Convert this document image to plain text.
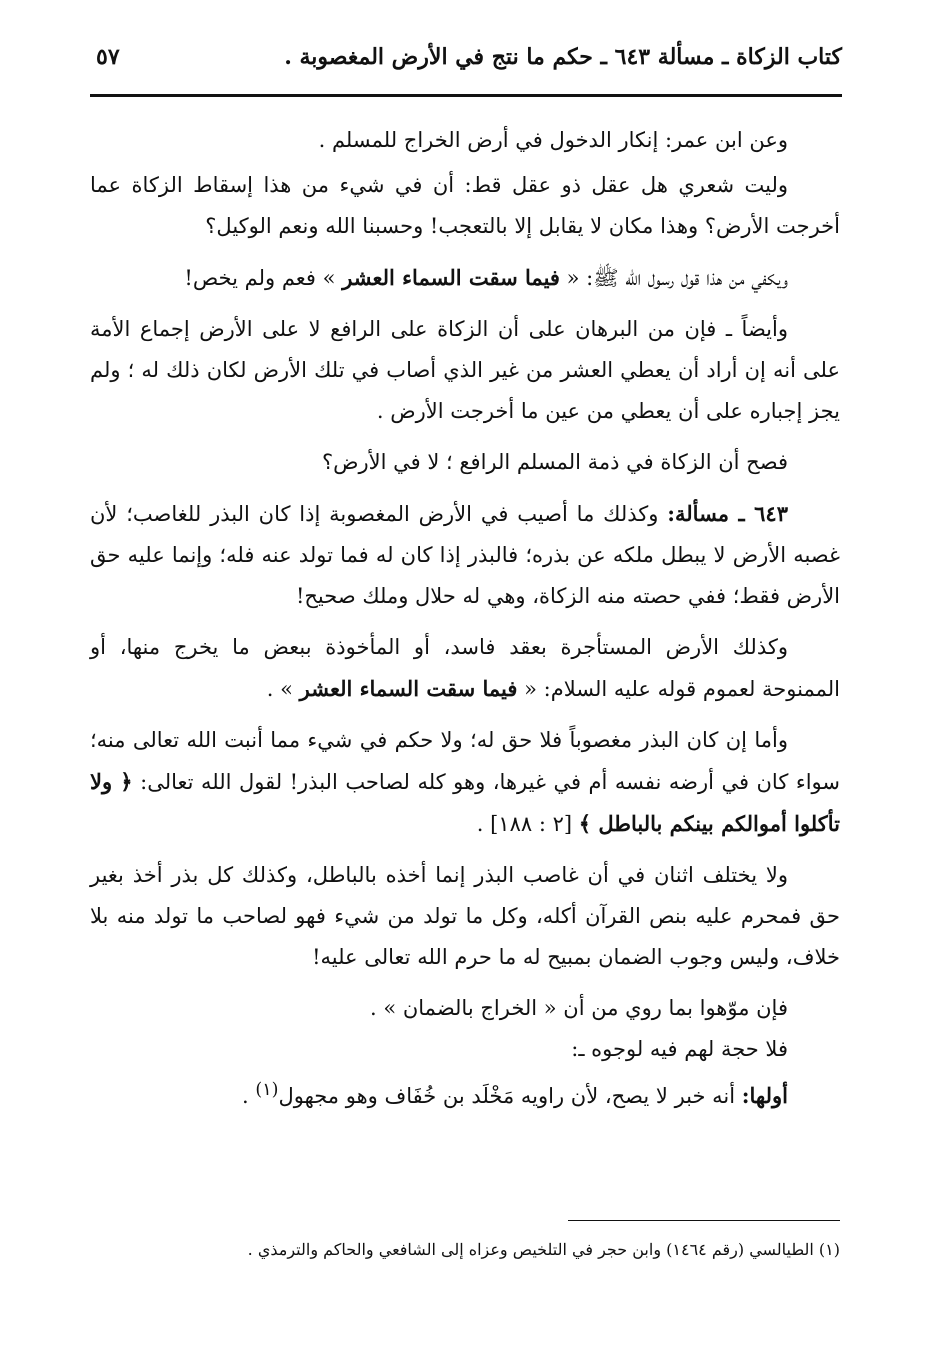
كتاب الزكاة ـ مسألة ٦٤٣ ـ حكم ما نتج في الأرض المغصوبة .
٥٧

وعن ابن عمر: إنكار الدخول في أرض الخراج للمسلم .

وليت شعري هل عقل ذو عقل قط: أن في شيء من هذا إسقاط الزكاة عما أخرجت الأرض؟ وهذا مكان لا يقابل إلا بالتعجب! وحسبنا الله ونعم الوكيل؟

ويكفي من هذا قول رسول الله ﷺ: « فيما سقت السماء العشر » فعم ولم يخص!

وأيضاً ـ فإن من البرهان على أن الزكاة على الرافع لا على الأرض إجماع الأمة على أنه إن أراد أن يعطي العشر من غير الذي أصاب في تلك الأرض لكان ذلك له ؛ ولم يجز إجباره على أن يعطي من عين ما أخرجت الأرض .

فصح أن الزكاة في ذمة المسلم الرافع ؛ لا في الأرض؟

٦٤٣ ـ مسألة: وكذلك ما أصيب في الأرض المغصوبة إذا كان البذر للغاصب؛ لأن غصبه الأرض لا يبطل ملكه عن بذره؛ فالبذر إذا كان له فما تولد عنه فله؛ وإنما عليه حق الأرض فقط؛ ففي حصته منه الزكاة، وهي له حلال وملك صحيح!

وكذلك الأرض المستأجرة بعقد فاسد، أو المأخوذة ببعض ما يخرج منها، أو الممنوحة لعموم قوله عليه السلام: « فيما سقت السماء العشر » .

وأما إن كان البذر مغصوباً فلا حق له؛ ولا حكم في شيء مما أنبت الله تعالى منه؛ سواء كان في أرضه نفسه أم في غيرها، وهو كله لصاحب البذر! لقول الله تعالى: ﴿ ولا تأكلوا أموالكم بينكم بالباطل ﴾ [٢ : ١٨٨] .

ولا يختلف اثنان في أن غاصب البذر إنما أخذه بالباطل، وكذلك كل بذر أخذ بغير حق فمحرم عليه بنص القرآن أكله، وكل ما تولد من شيء فهو لصاحب ما تولد منه بلا خلاف، وليس وجوب الضمان بمبيح له ما حرم الله تعالى عليه!

فإن موّهوا بما روي من أن « الخراج بالضمان » .

فلا حجة لهم فيه لوجوه ـ:

أولها: أنه خبر لا يصح، لأن راويه مَخْلَد بن خُفَاف وهو مجهول$^{(١)}$ .

(١) الطيالسي (رقم ١٤٦٤) وابن حجر في التلخيص وعزاه إلى الشافعي والحاكم والترمذي .
